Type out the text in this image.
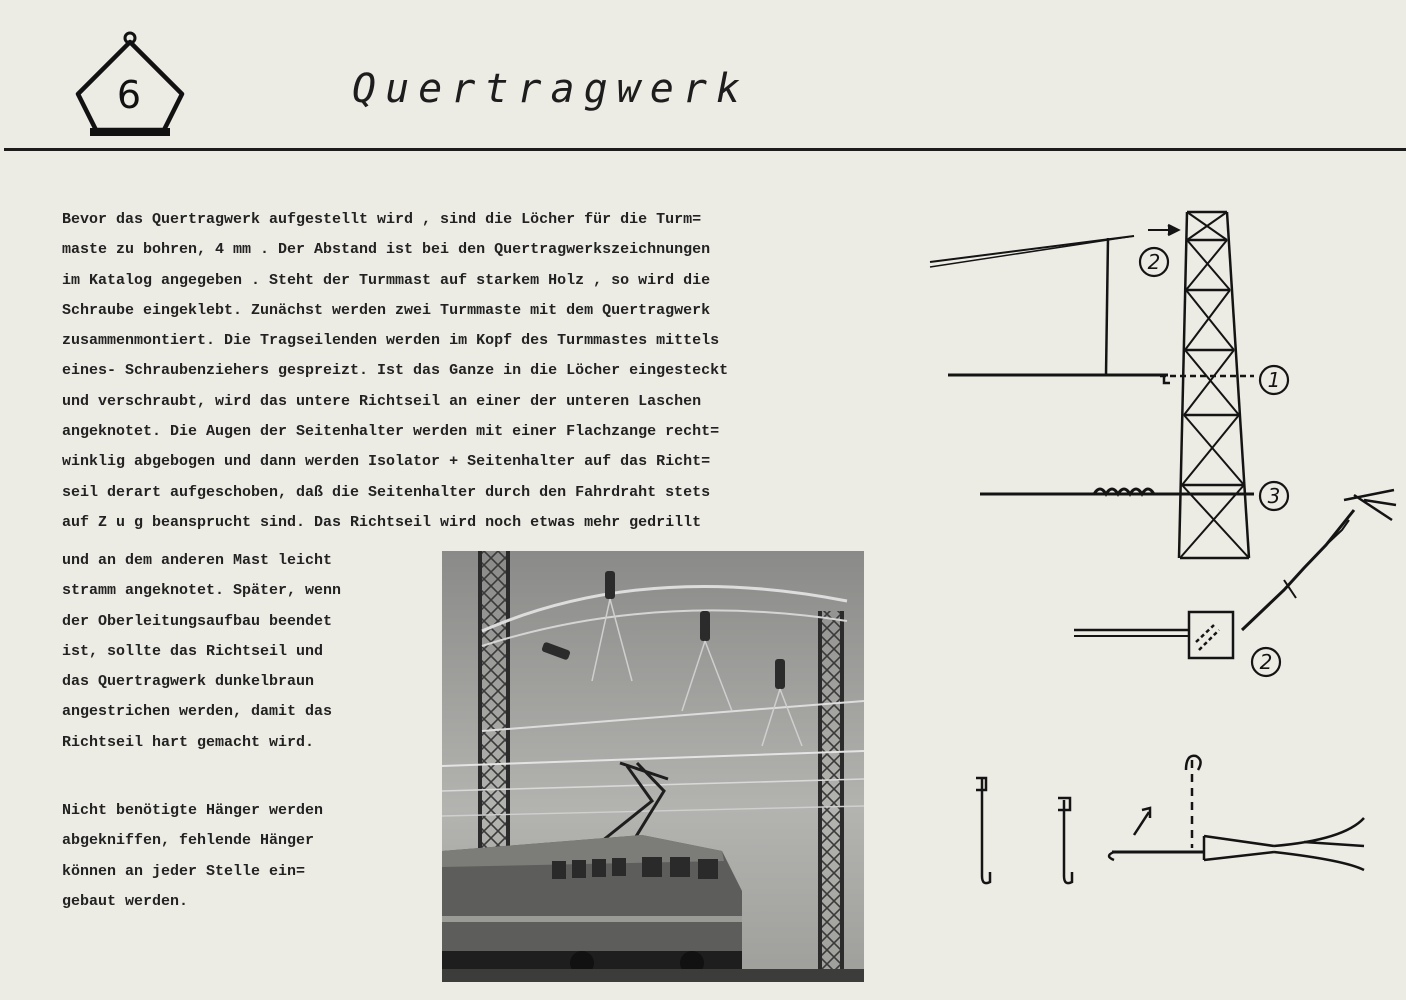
6	Quertragwerk
Bevor das Quertragwerk aufgestellt wird , sind die Löcher für die Turm=
maste zu bohren, 4 mm . Der Abstand ist bei den Quertragwerkszeichnungen
im Katalog angegeben . Steht der Turmmast auf starkem Holz , so wird die
Schraube eingeklebt. Zunächst werden zwei Turmmaste mit dem Quertragwerk
zusammenmontiert. Die Tragseilenden werden im Kopf des Turmmastes mittels
eines- Schraubenziehers gespreizt. Ist das Ganze in die Löcher eingesteckt
und verschraubt, wird das untere Richtseil an einer der unteren Laschen
angeknotet. Die Augen der Seitenhalter werden mit einer Flachzange recht=
winklig abgebogen und dann werden Isolator + Seitenhalter auf das Richt=
seil derart aufgeschoben, daß die Seitenhalter durch den Fahrdraht stets
auf Z u g beansprucht sind. Das Richtseil wird noch etwas mehr gedrillt
und an dem anderen Mast leicht
stramm angeknotet. Später, wenn
der Oberleitungsaufbau beendet
ist, sollte das Richtseil und
das Quertragwerk dunkelbraun
angestrichen werden, damit das
Richtseil hart gemacht wird.
Nicht benötigte Hänger werden
abgekniffen, fehlende Hänger
können an jeder Stelle ein=
gebaut werden.
2
1
3
2
